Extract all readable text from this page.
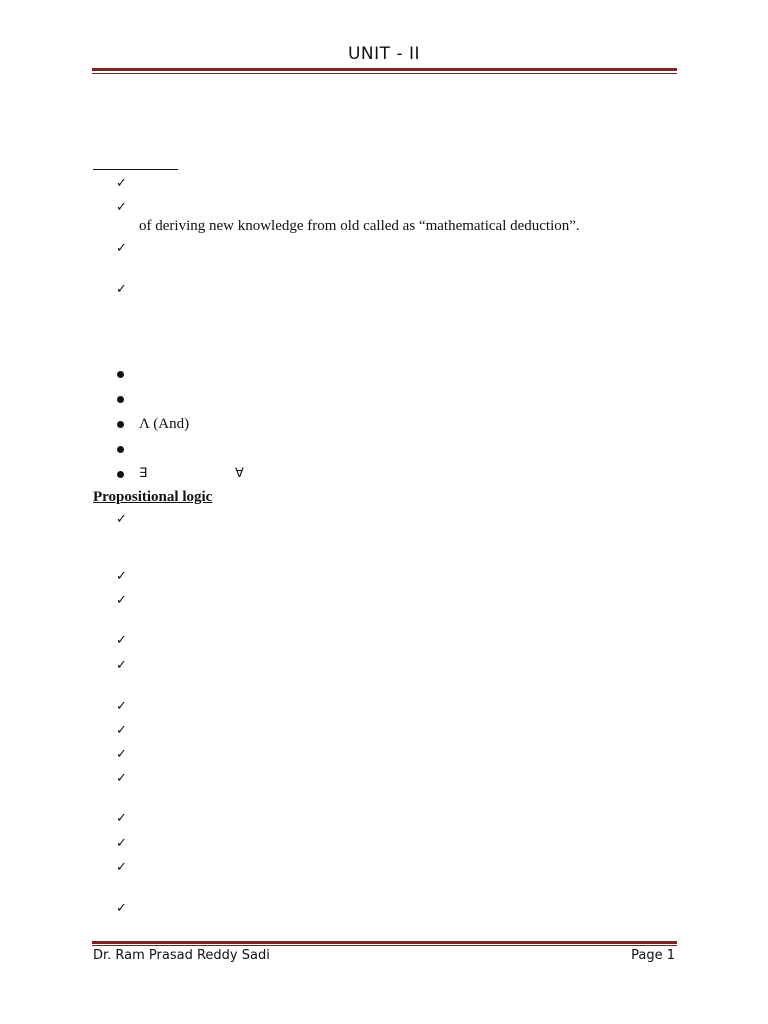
UNIT - II
✓
✓
of deriving new knowledge from old called as “mathematical deduction”.
✓
✓
Λ (And)
∃	∀
Propositional logic
✓
✓
✓
✓
✓
✓
✓
✓
✓
✓
✓
✓
✓
Dr. Ram Prasad Reddy Sadi	Page 1
